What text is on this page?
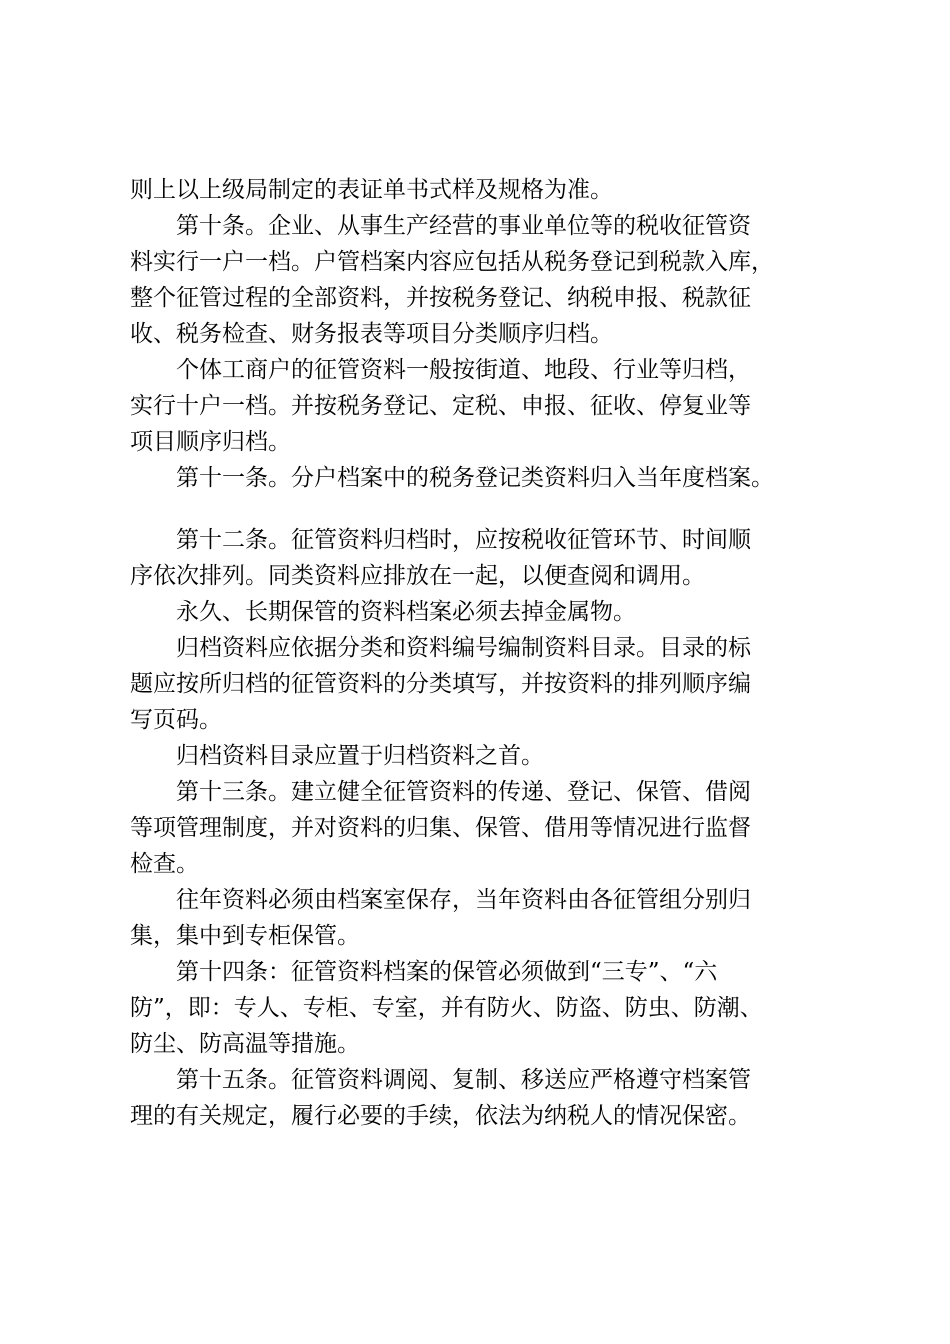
则上以上级局制定的表证单书式样及规格为准。
　　第十条。企业、从事生产经营的事业单位等的税收征管资
料实行一户一档。户管档案内容应包括从税务登记到税款入库，
整个征管过程的全部资料，并按税务登记、纳税申报、税款征
收、税务检查、财务报表等项目分类顺序归档。
　　个体工商户的征管资料一般按街道、地段、行业等归档，
实行十户一档。并按税务登记、定税、申报、征收、停复业等
项目顺序归档。
　　第十一条。分户档案中的税务登记类资料归入当年度档案。
　　第十二条。征管资料归档时，应按税收征管环节、时间顺
序依次排列。同类资料应排放在一起，以便查阅和调用。
　　永久、长期保管的资料档案必须去掉金属物。
　　归档资料应依据分类和资料编号编制资料目录。目录的标
题应按所归档的征管资料的分类填写，并按资料的排列顺序编
写页码。
　　归档资料目录应置于归档资料之首。
　　第十三条。建立健全征管资料的传递、登记、保管、借阅
等项管理制度，并对资料的归集、保管、借用等情况进行监督
检查。
　　往年资料必须由档案室保存，当年资料由各征管组分别归
集，集中到专柜保管。
　　第十四条：征管资料档案的保管必须做到“三专”、“六
防”，即：专人、专柜、专室，并有防火、防盗、防虫、防潮、
防尘、防高温等措施。
　　第十五条。征管资料调阅、复制、移送应严格遵守档案管
理的有关规定，履行必要的手续，依法为纳税人的情况保密。
